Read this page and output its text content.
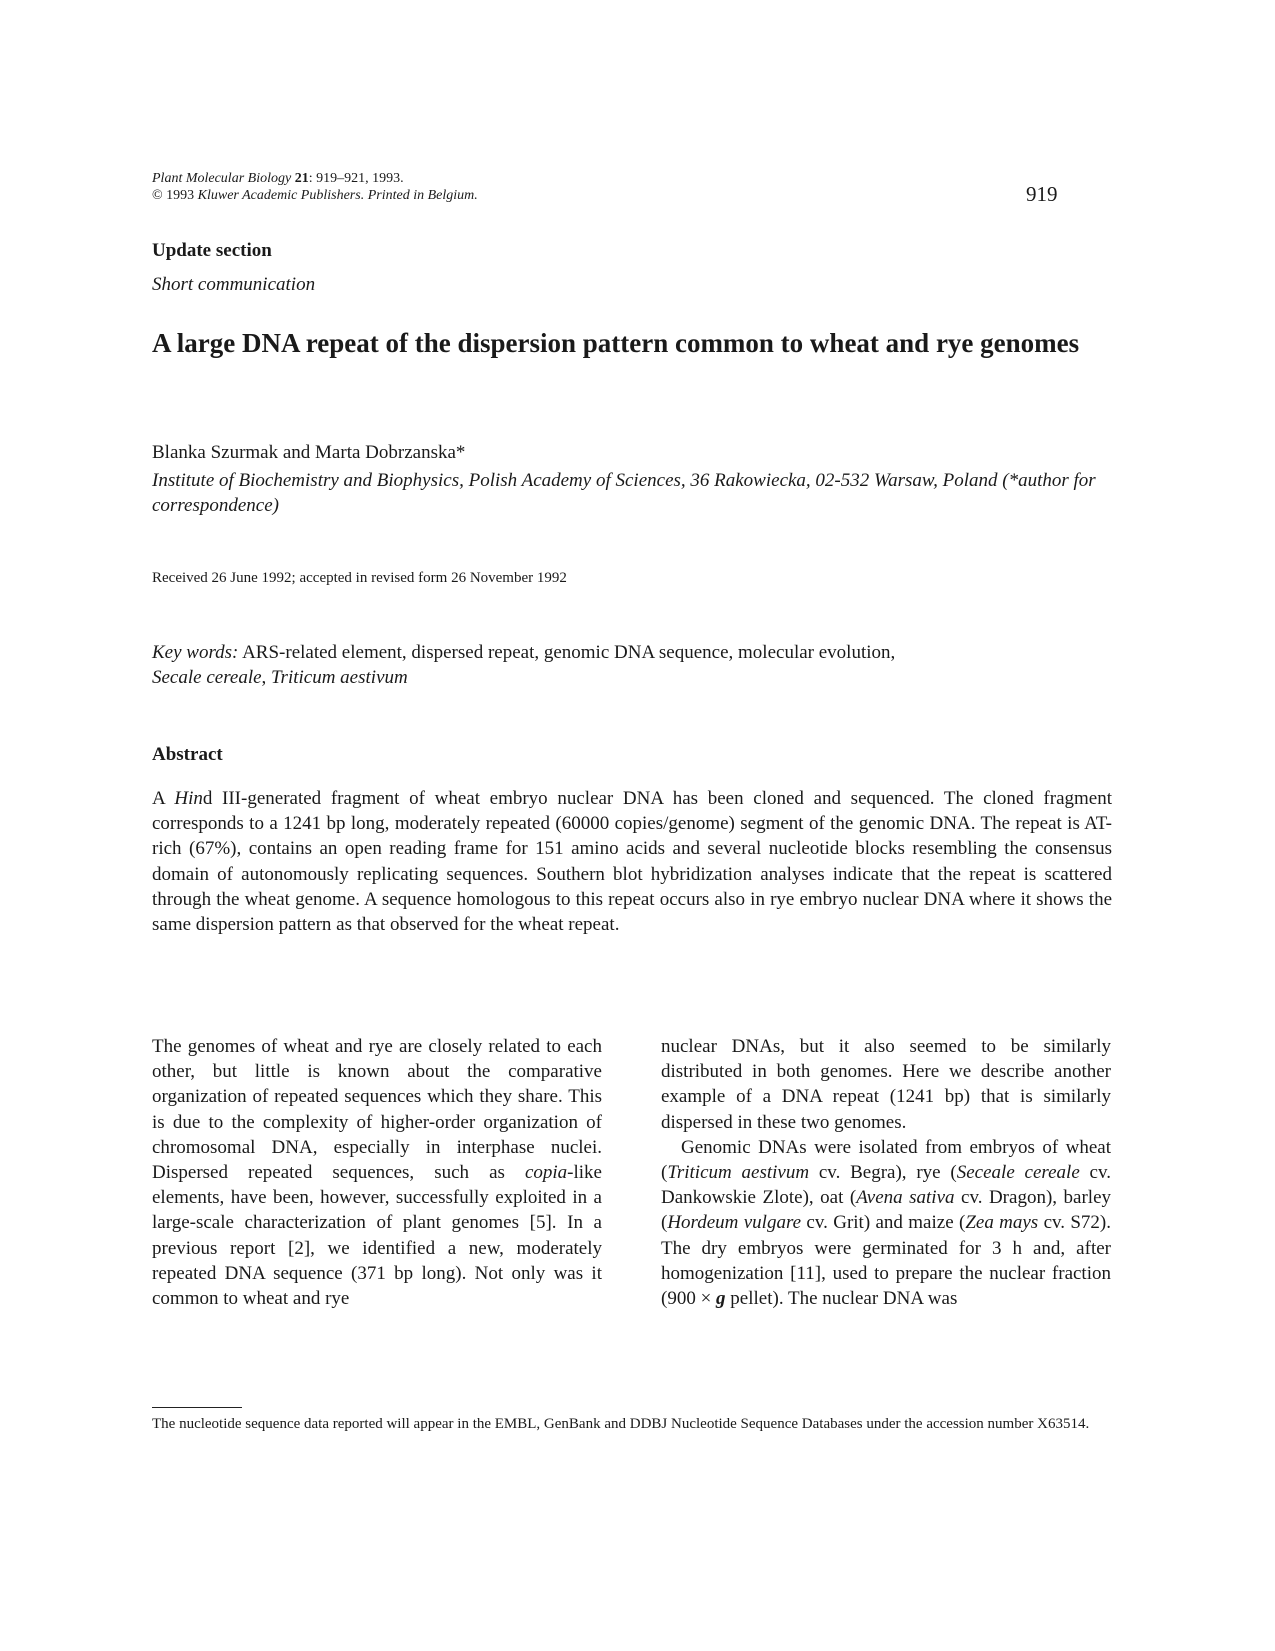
Plant Molecular Biology 21: 919–921, 1993.
© 1993 Kluwer Academic Publishers. Printed in Belgium.	919
Update section
Short communication
A large DNA repeat of the dispersion pattern common to wheat and rye genomes
Blanka Szurmak and Marta Dobrzanska*
Institute of Biochemistry and Biophysics, Polish Academy of Sciences, 36 Rakowiecka, 02-532 Warsaw, Poland (*author for correspondence)
Received 26 June 1992; accepted in revised form 26 November 1992
Key words: ARS-related element, dispersed repeat, genomic DNA sequence, molecular evolution,
Secale cereale, Triticum aestivum
Abstract
A Hind III-generated fragment of wheat embryo nuclear DNA has been cloned and sequenced. The cloned fragment corresponds to a 1241 bp long, moderately repeated (60000 copies/genome) segment of the genomic DNA. The repeat is AT-rich (67%), contains an open reading frame for 151 amino acids and several nucleotide blocks resembling the consensus domain of autonomously replicating sequences. Southern blot hybridization analyses indicate that the repeat is scattered through the wheat genome. A sequence homologous to this repeat occurs also in rye embryo nuclear DNA where it shows the same dispersion pattern as that observed for the wheat repeat.

The genomes of wheat and rye are closely related to each other, but little is known about the comparative organization of repeated sequences which they share. This is due to the complexity of higher-order organization of chromosomal DNA, especially in interphase nuclei. Dispersed repeated sequences, such as copia-like elements, have been, however, successfully exploited in a large-scale characterization of plant genomes [5]. In a previous report [2], we identified a new, moderately repeated DNA sequence (371 bp long). Not only was it common to wheat and rye

nuclear DNAs, but it also seemed to be similarly distributed in both genomes. Here we describe another example of a DNA repeat (1241 bp) that is similarly dispersed in these two genomes.

Genomic DNAs were isolated from embryos of wheat (Triticum aestivum cv. Begra), rye (Seceale cereale cv. Dankowskie Zlote), oat (Avena sativa cv. Dragon), barley (Hordeum vulgare cv. Grit) and maize (Zea mays cv. S72). The dry embryos were germinated for 3 h and, after homogenization [11], used to prepare the nuclear fraction (900 × g pellet). The nuclear DNA was

The nucleotide sequence data reported will appear in the EMBL, GenBank and DDBJ Nucleotide Sequence Databases under the accession number X63514.
